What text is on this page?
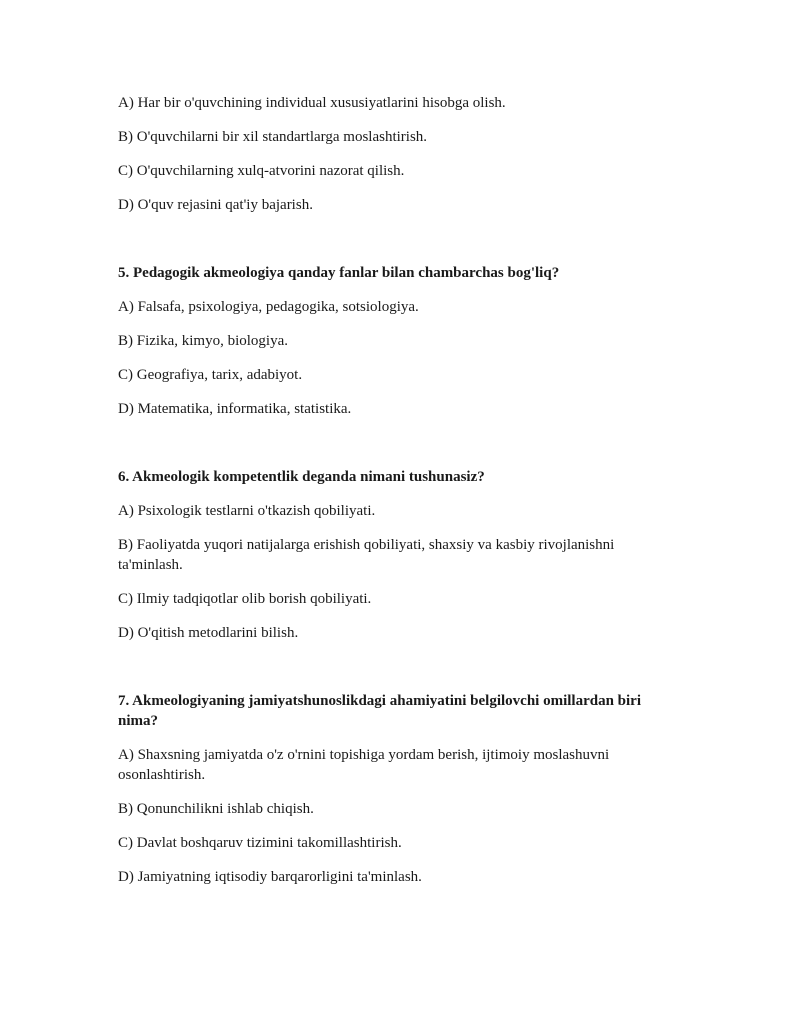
A) Har bir o'quvchining individual xususiyatlarini hisobga olish.

B) O'quvchilarni bir xil standartlarga moslashtirish.

C) O'quvchilarning xulq-atvorini nazorat qilish.

D) O'quv rejasini qat'iy bajarish.

5. Pedagogik akmeologiya qanday fanlar bilan chambarchas bog'liq?

A) Falsafa, psixologiya, pedagogika, sotsiologiya.

B) Fizika, kimyo, biologiya.

C) Geografiya, tarix, adabiyot.

D) Matematika, informatika, statistika.

6. Akmeologik kompetentlik deganda nimani tushunasiz?

A) Psixologik testlarni o'tkazish qobiliyati.

B) Faoliyatda yuqori natijalarga erishish qobiliyati, shaxsiy va kasbiy rivojlanishni ta'minlash.

C) Ilmiy tadqiqotlar olib borish qobiliyati.

D) O'qitish metodlarini bilish.

7. Akmeologiyaning jamiyatshunoslikdagi ahamiyatini belgilovchi omillardan biri nima?

A) Shaxsning jamiyatda o'z o'rnini topishiga yordam berish, ijtimoiy moslashuvni osonlashtirish.

B) Qonunchilikni ishlab chiqish.

C) Davlat boshqaruv tizimini takomillashtirish.

D) Jamiyatning iqtisodiy barqarorligini ta'minlash.
